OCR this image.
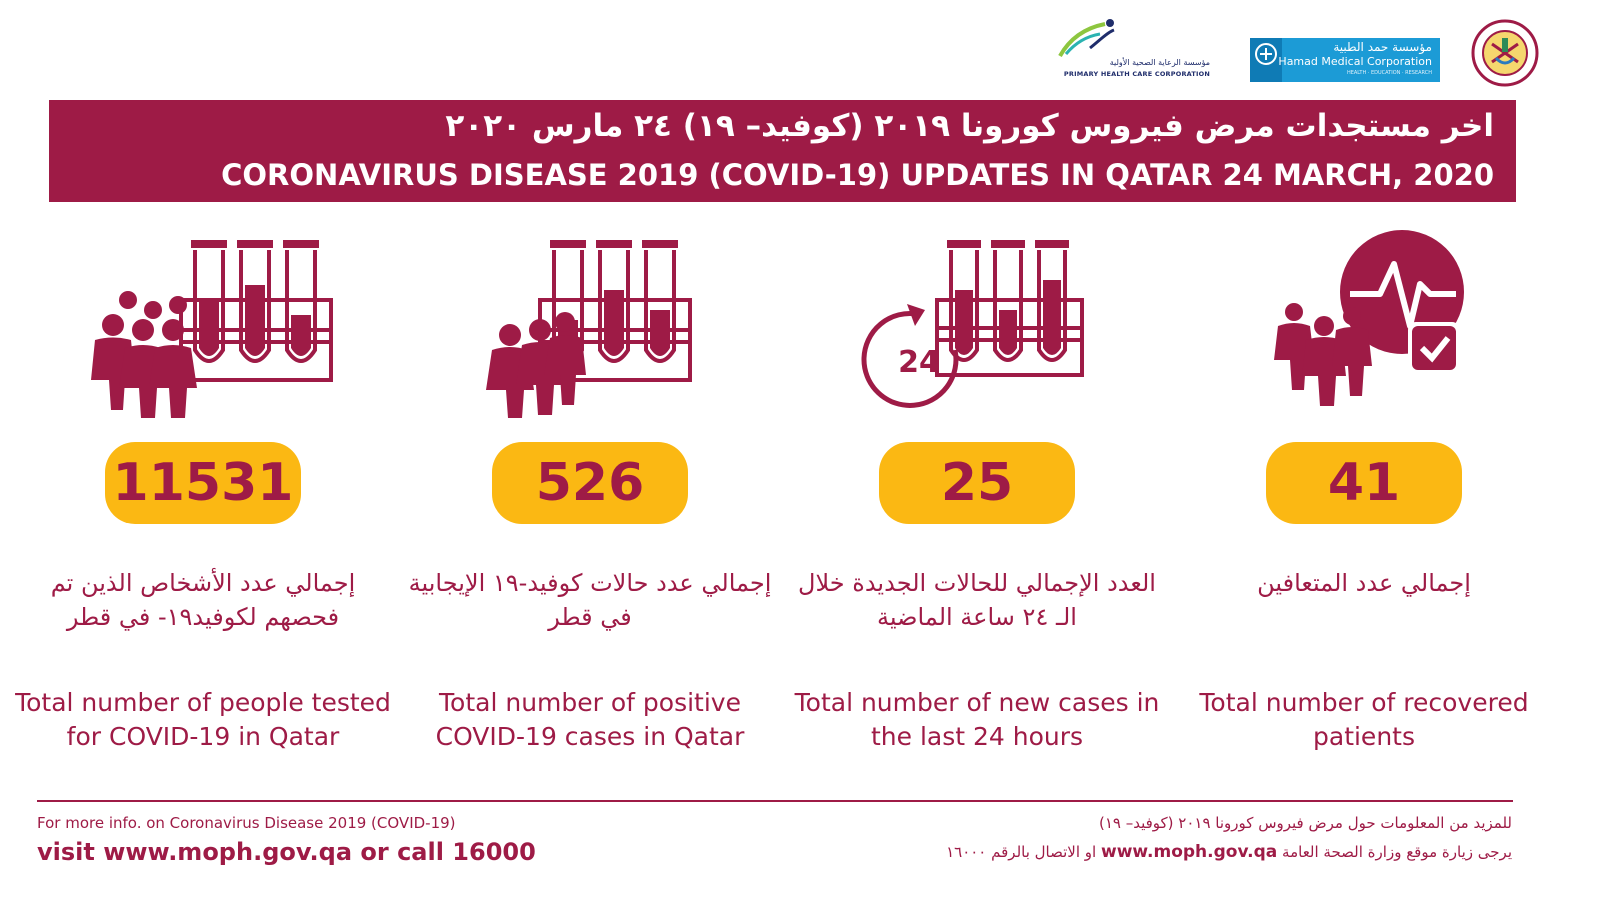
مؤسسة الرعاية الصحية الأولية
PRIMARY HEALTH CARE CORPORATION
مؤسسة حمد الطبية
Hamad Medical Corporation
HEALTH · EDUCATION · RESEARCH
اخر مستجدات مرض فيروس كورونا ٢٠١٩ (كوفيد– ١٩) ٢٤ مارس ٢٠٢٠
CORONAVIRUS DISEASE 2019 (COVID-19) UPDATES IN QATAR 24 MARCH, 2020
11531
إجمالي عدد الأشخاص الذين تم فحصهم لكوفيد١٩- في قطر
Total number of people tested for COVID-19 in Qatar
526
إجمالي عدد حالات كوفيد-١٩ الإيجابية في قطر
Total number of positive COVID-19 cases in Qatar
24
25
العدد الإجمالي للحالات الجديدة خلال الـ ٢٤ ساعة الماضية
Total number of new cases in the last 24 hours
41
إجمالي عدد المتعافين
Total number of recovered patients
For more info. on Coronavirus Disease 2019 (COVID-19)
visit www.moph.gov.qa or call 16000
للمزيد من المعلومات حول مرض فيروس كورونا ٢٠١٩ (كوفيد– ١٩)
يرجى زيارة موقع وزارة الصحة العامة www.moph.gov.qa او الاتصال بالرقم ١٦٠٠٠
